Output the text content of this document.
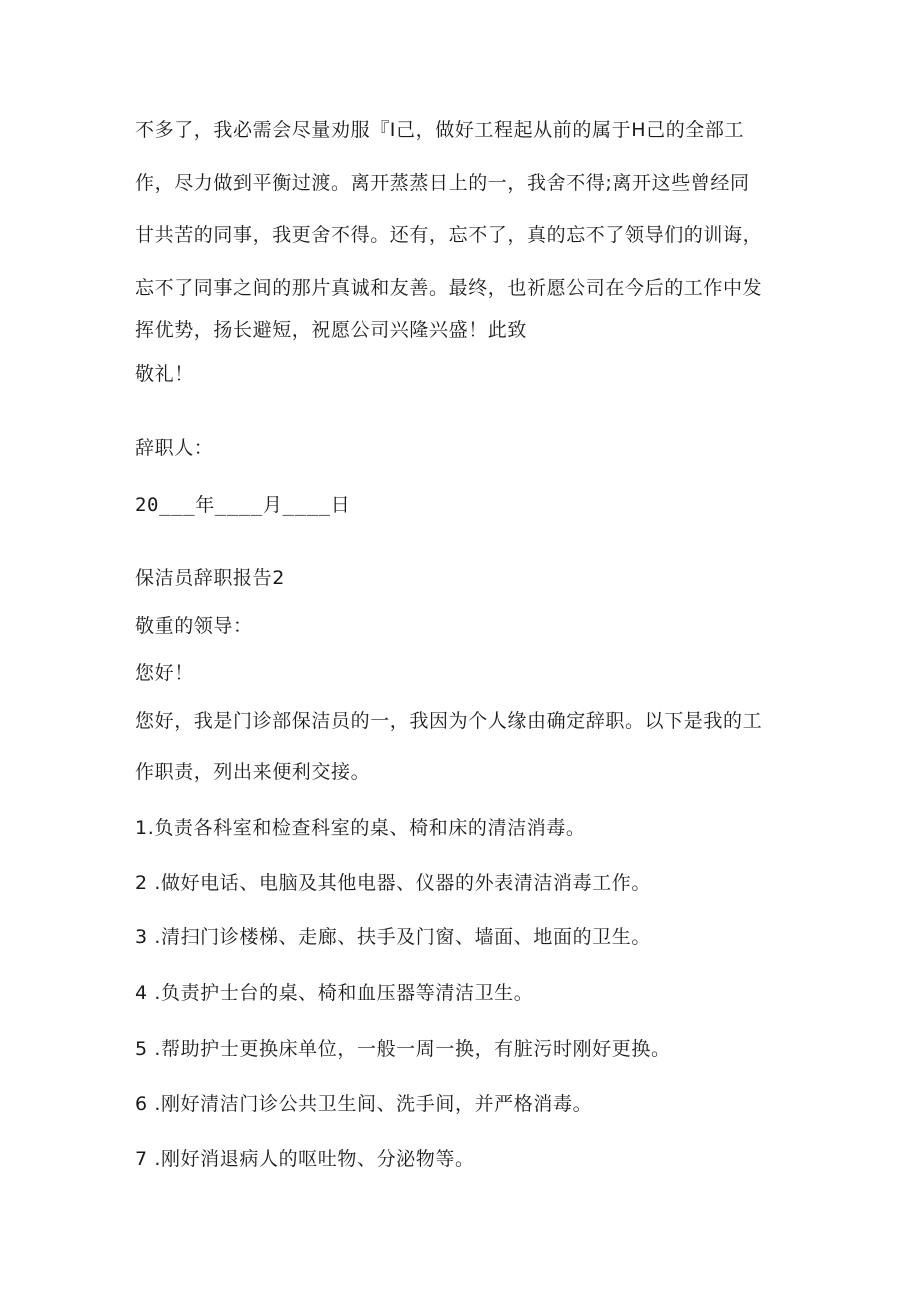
不多了，我必需会尽量劝服『I己，做好工程起从前的属于H己的全部工
作，尽力做到平衡过渡。离开蒸蒸日上的一，我舍不得;离开这些曾经同
甘共苦的同事，我更舍不得。还有，忘不了，真的忘不了领导们的训诲，
忘不了同事之间的那片真诚和友善。最终，也祈愿公司在今后的工作中发
挥优势，扬长避短，祝愿公司兴隆兴盛！此致
敬礼！
辞职人：
20___年____月____日
保洁员辞职报告2
敬重的领导：
您好！
您好，我是门诊部保洁员的一，我因为个人缘由确定辞职。以下是我的工
作职责，列出来便利交接。
1.负责各科室和检查科室的桌、椅和床的清洁消毒。
2 .做好电话、电脑及其他电器、仪器的外表清洁消毒工作。
3 .清扫门诊楼梯、走廊、扶手及门窗、墙面、地面的卫生。
4 .负责护士台的桌、椅和血压器等清洁卫生。
5 .帮助护士更换床单位，一般一周一换，有脏污时刚好更换。
6 .刚好清洁门诊公共卫生间、洗手间，并严格消毒。
7 .刚好消退病人的呕吐物、分泌物等。
